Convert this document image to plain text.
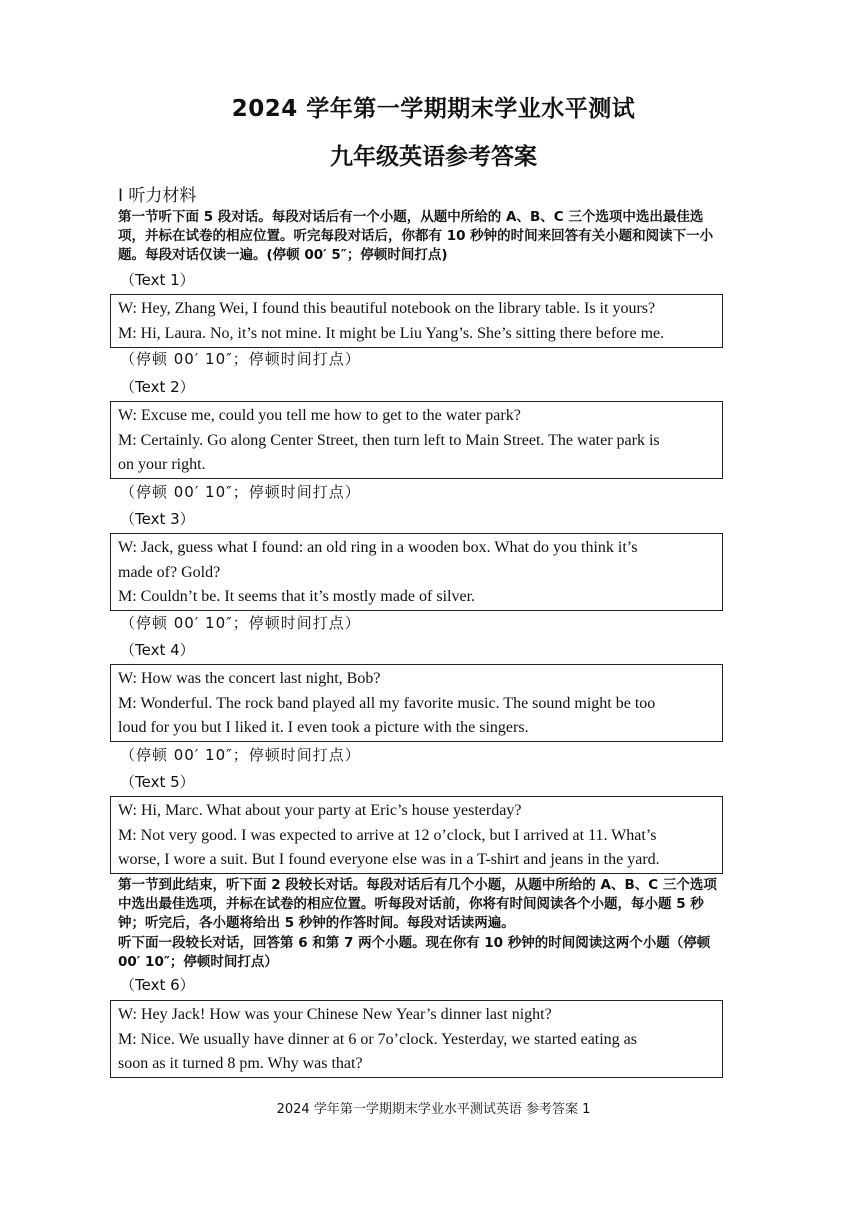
2024 学年第一学期期末学业水平测试
九年级英语参考答案
I 听力材料

第一节听下面 5 段对话。每段对话后有一个小题，从题中所给的 A、B、C 三个选项中选出最佳选项，并标在试卷的相应位置。听完每段对话后，你都有 10 秒钟的时间来回答有关小题和阅读下一小题。每段对话仅读一遍。(停顿 00′ 5″；停顿时间打点)

（Text 1）

W: Hey, Zhang Wei, I found this beautiful notebook on the library table. Is it yours?

M: Hi, Laura. No, it’s not mine. It might be Liu Yang’s. She’s sitting there before me.

（停顿 00′ 10″；停顿时间打点）
（Text 2）

W: Excuse me, could you tell me how to get to the water park?

M: Certainly. Go along Center Street, then turn left to Main Street. The water park is

on your right.

（停顿 00′ 10″；停顿时间打点）
（Text 3）

W: Jack, guess what I found: an old ring in a wooden box. What do you think it’s

made of? Gold?

M: Couldn’t be. It seems that it’s mostly made of silver.

（停顿 00′ 10″；停顿时间打点）
（Text 4）

W: How was the concert last night, Bob?

M: Wonderful. The rock band played all my favorite music. The sound might be too

loud for you but I liked it. I even took a picture with the singers.

（停顿 00′ 10″；停顿时间打点）
（Text 5）

W: Hi, Marc. What about your party at Eric’s house yesterday?

M: Not very good. I was expected to arrive at 12 o’clock, but I arrived at 11. What’s

worse, I wore a suit. But I found everyone else was in a T-shirt and jeans in the yard.

第一节到此结束，听下面 2 段较长对话。每段对话后有几个小题，从题中所给的 A、B、C 三个选项中选出最佳选项，并标在试卷的相应位置。听每段对话前，你将有时间阅读各个小题，每小题 5 秒钟；听完后，各小题将给出 5 秒钟的作答时间。每段对话读两遍。

听下面一段较长对话，回答第 6 和第 7 两个小题。现在你有 10 秒钟的时间阅读这两个小题（停顿 00′ 10″；停顿时间打点）

（Text 6）

W: Hey Jack! How was your Chinese New Year’s dinner last night?

M: Nice. We usually have dinner at 6 or 7o’clock. Yesterday, we started eating as

soon as it turned 8 pm. Why was that?

2024 学年第一学期期末学业水平测试英语 参考答案 1
